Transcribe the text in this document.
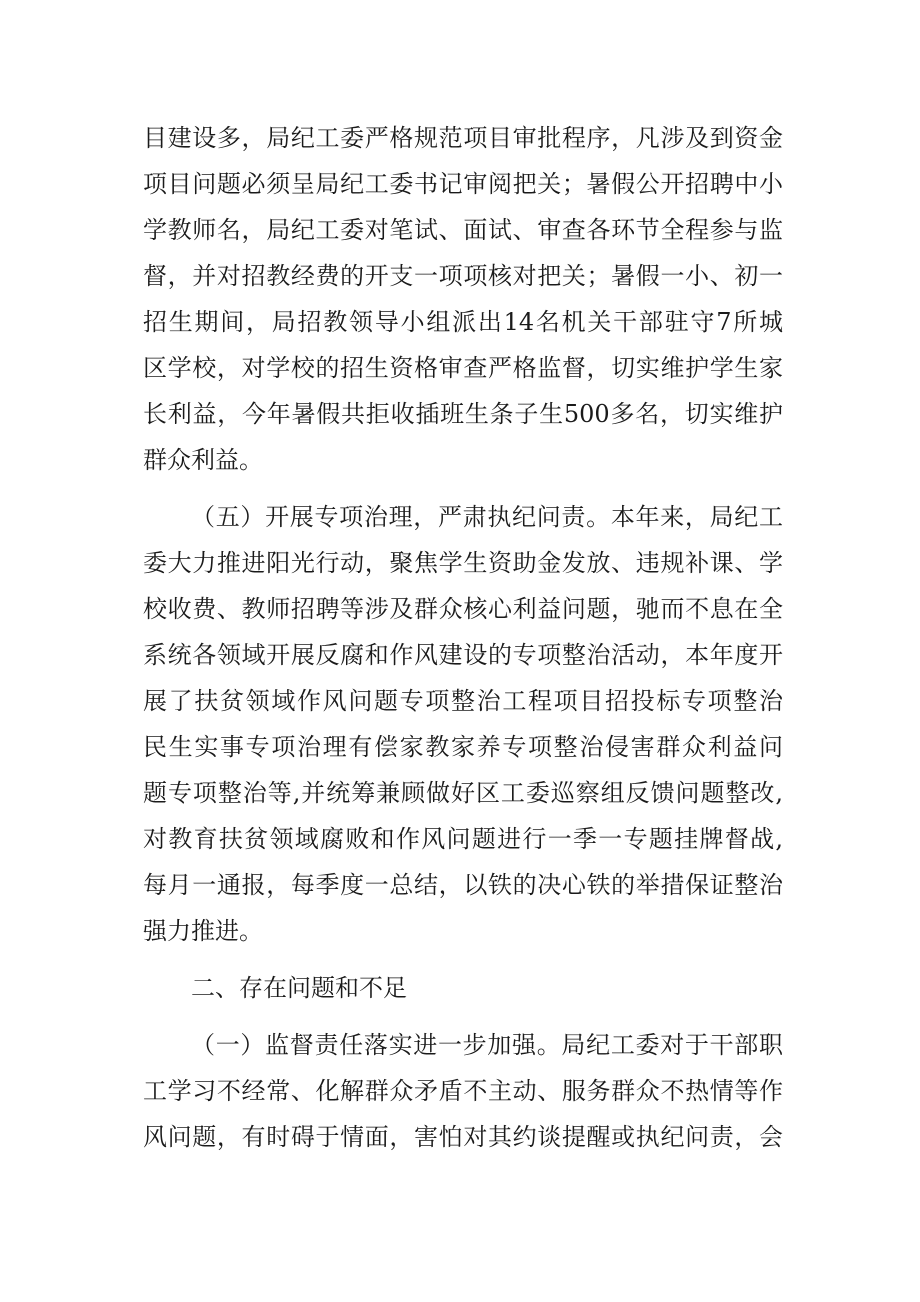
目建设多，局纪工委严格规范项目审批程序，凡涉及到资金
项目问题必须呈局纪工委书记审阅把关；暑假公开招聘中小
学教师名，局纪工委对笔试、面试、审查各环节全程参与监
督，并对招教经费的开支一项项核对把关；暑假一小、初一
招生期间，局招教领导小组派出14名机关干部驻守7所城
区学校，对学校的招生资格审查严格监督，切实维护学生家
长利益，今年暑假共拒收插班生条子生500多名，切实维护
群众利益。
（五）开展专项治理，严肃执纪问责。本年来，局纪工
委大力推进阳光行动，聚焦学生资助金发放、违规补课、学
校收费、教师招聘等涉及群众核心利益问题，驰而不息在全
系统各领域开展反腐和作风建设的专项整治活动，本年度开
展了扶贫领域作风问题专项整治工程项目招投标专项整治
民生实事专项治理有偿家教家养专项整治侵害群众利益问
题专项整治等,并统筹兼顾做好区工委巡察组反馈问题整改,
对教育扶贫领域腐败和作风问题进行一季一专题挂牌督战,
每月一通报，每季度一总结，以铁的决心铁的举措保证整治
强力推进。
二、存在问题和不足
（一）监督责任落实进一步加强。局纪工委对于干部职
工学习不经常、化解群众矛盾不主动、服务群众不热情等作
风问题，有时碍于情面，害怕对其约谈提醒或执纪问责，会
